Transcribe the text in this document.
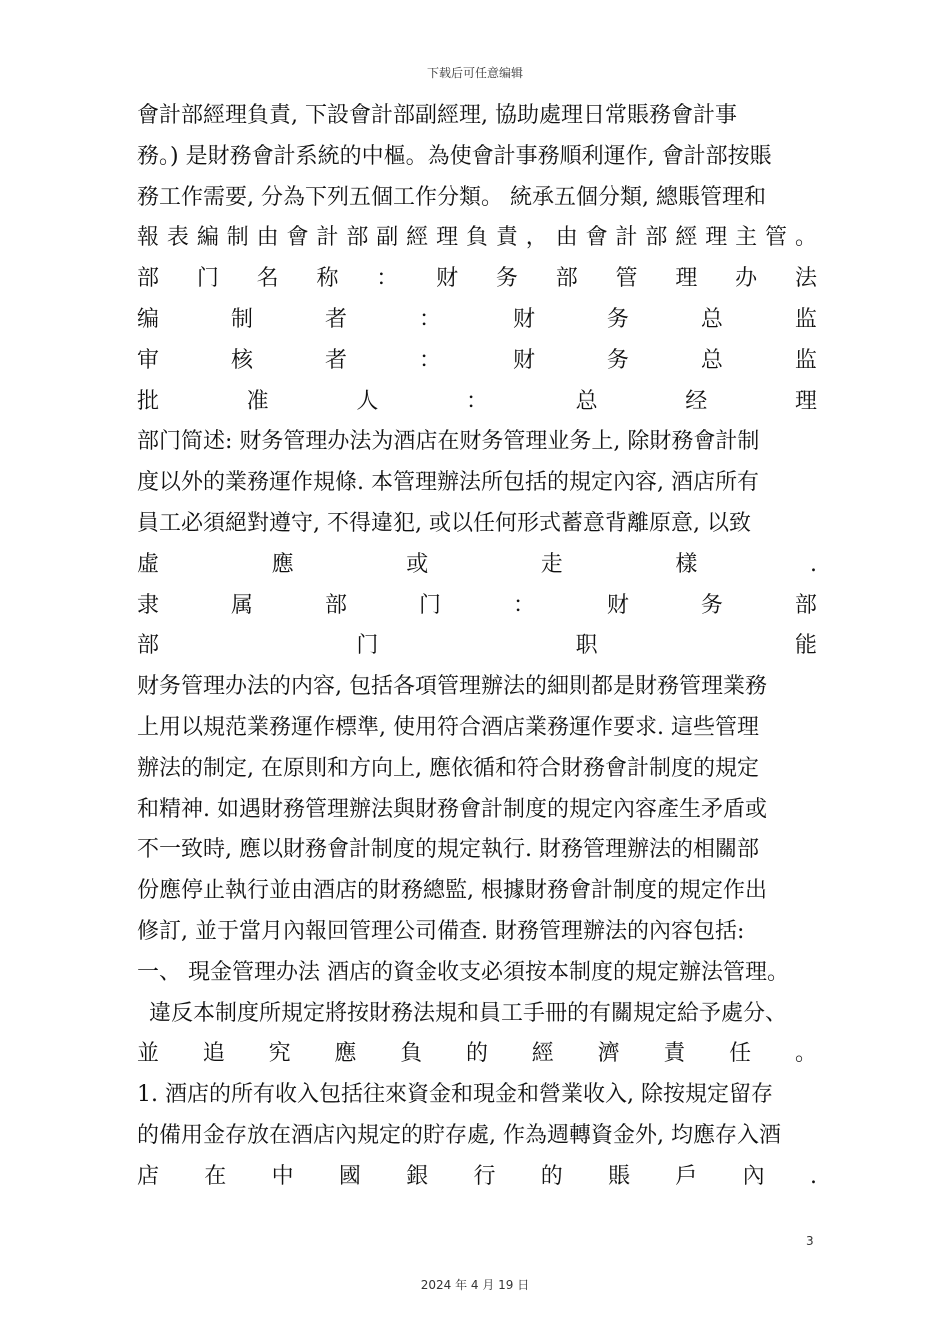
下载后可任意编辑
會計部經理負責, 下設會計部副經理, 協助處理日常賬務會計事
務。) 是財務會計系統的中樞。為使會計事務順利運作, 會計部按賬
務工作需要, 分為下列五個工作分類。 統承五個分類, 總賬管理和
報 表 編 制 由 會 計 部 副 經 理 負 責 ， 由 會 計 部 經 理 主 管 。
部 门 名 称 ： 财 务 部 管 理 办 法
编	制	者	：	财	务	总	监
审	核	者	：	财	务	总	监
批	准	人	：	总	经	理
部门简述: 财务管理办法为酒店在财务管理业务上, 除財務會計制
度以外的業務運作規條. 本管理辦法所包括的規定內容, 酒店所有
員工必須絕對遵守, 不得違犯, 或以任何形式蓄意背離原意, 以致
虛	應	或	走	樣	.
隶	属	部	门	：	财	务	部
部	门	职	能
财务管理办法的内容, 包括各項管理辦法的細則都是財務管理業務
上用以規范業務運作標準, 使用符合酒店業務運作要求. 這些管理
辦法的制定, 在原則和方向上, 應依循和符合財務會計制度的規定
和精神. 如遇財務管理辦法與財務會計制度的規定內容產生矛盾或
不一致時, 應以財務會計制度的規定執行. 財務管理辦法的相關部
份應停止執行並由酒店的財務總監, 根據財務會計制度的規定作出
修訂, 並于當月內報回管理公司備查. 財務管理辦法的內容包括:
一、 現金管理办法 酒店的資金收支必須按本制度的規定辦法管理。
違反本制度所規定將按財務法規和員工手冊的有關規定給予處分、
並 追 究 應 負 的 經 濟 責 任 。
1. 酒店的所有收入包括往來資金和現金和營業收入, 除按規定留存
的備用金存放在酒店內規定的貯存處, 作為週轉資金外, 均應存入酒
店 在 中 國 銀 行 的 賬 戶 內 .
3
2024 年 4 月 19 日
